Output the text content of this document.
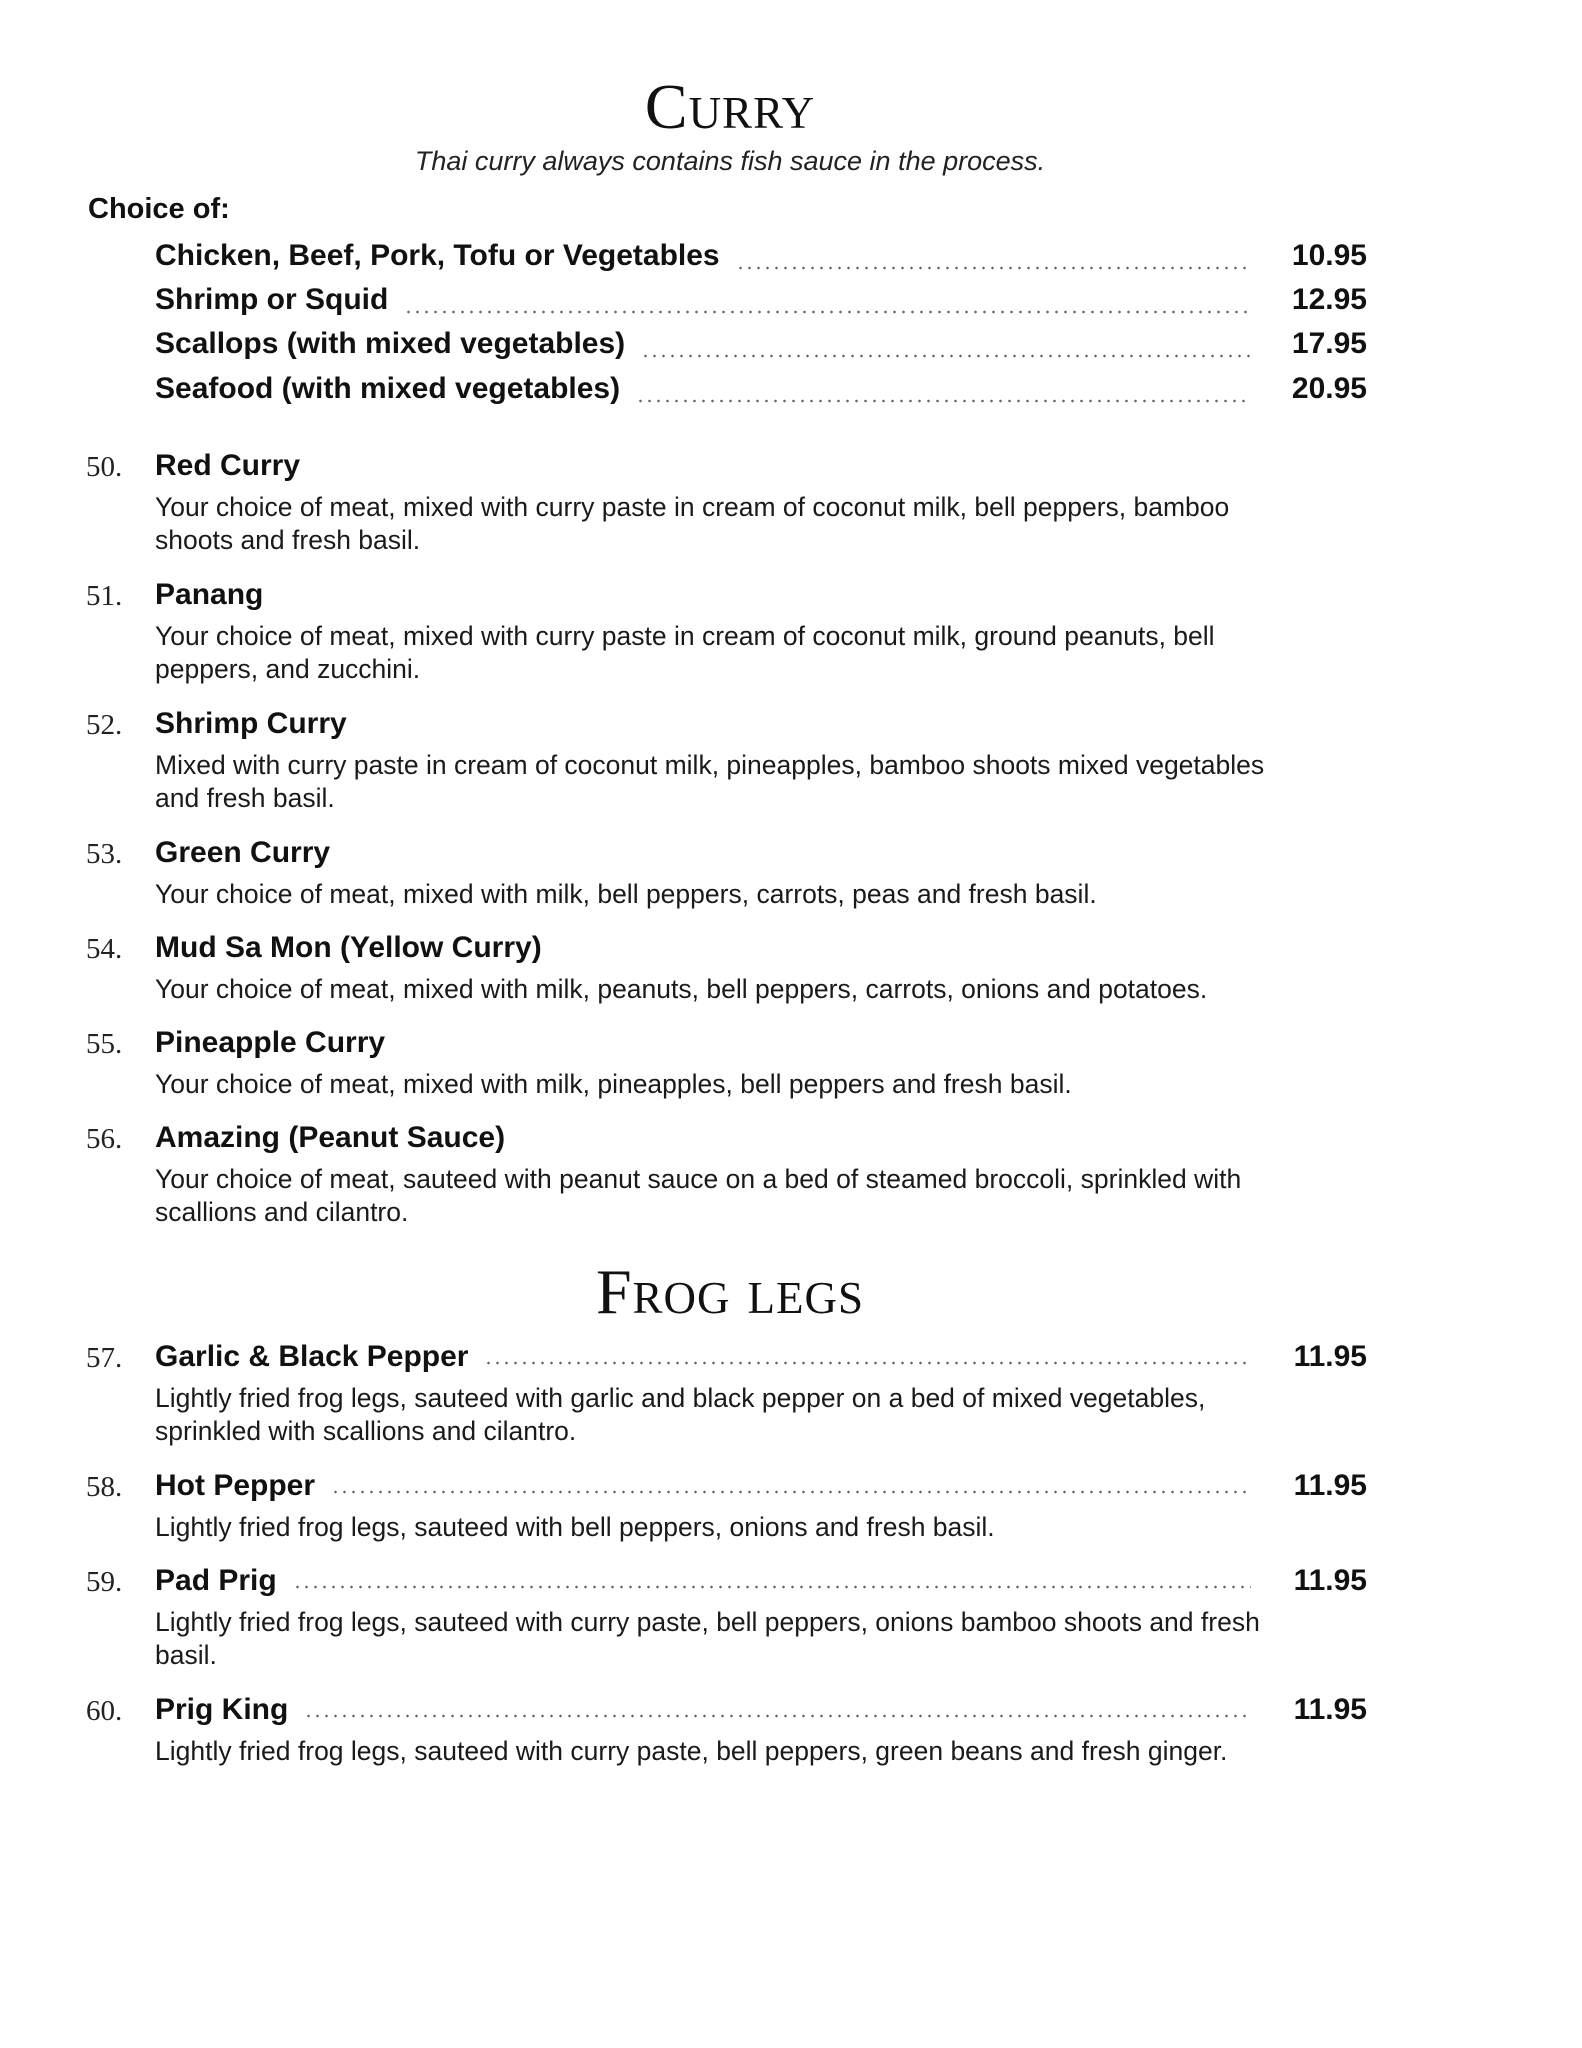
Curry
Thai curry always contains fish sauce in the process.
Choice of:
Chicken, Beef, Pork, Tofu or Vegetables	10.95
Shrimp or Squid	12.95
Scallops (with mixed vegetables)	17.95
Seafood (with mixed vegetables)	20.95
50. Red Curry
Your choice of meat, mixed with curry paste in cream of coconut milk, bell peppers, bamboo shoots and fresh basil.
51. Panang
Your choice of meat, mixed with curry paste in cream of coconut milk, ground peanuts, bell peppers, and zucchini.
52. Shrimp Curry
Mixed with curry paste in cream of coconut milk, pineapples, bamboo shoots mixed vegetables and fresh basil.
53. Green Curry
Your choice of meat, mixed with milk, bell peppers, carrots, peas and fresh basil.
54. Mud Sa Mon (Yellow Curry)
Your choice of meat, mixed with milk, peanuts, bell peppers, carrots, onions and potatoes.
55. Pineapple Curry
Your choice of meat, mixed with milk, pineapples, bell peppers and fresh basil.
56. Amazing (Peanut Sauce)
Your choice of meat, sauteed with peanut sauce on a bed of steamed broccoli, sprinkled with scallions and cilantro.
Frog legs
57. Garlic & Black Pepper	11.95
Lightly fried frog legs, sauteed with garlic and black pepper on a bed of mixed vegetables, sprinkled with scallions and cilantro.
58. Hot Pepper	11.95
Lightly fried frog legs, sauteed with bell peppers, onions and fresh basil.
59. Pad Prig	11.95
Lightly fried frog legs, sauteed with curry paste, bell peppers, onions bamboo shoots and fresh basil.
60. Prig King	11.95
Lightly fried frog legs, sauteed with curry paste, bell peppers, green beans and fresh ginger.
